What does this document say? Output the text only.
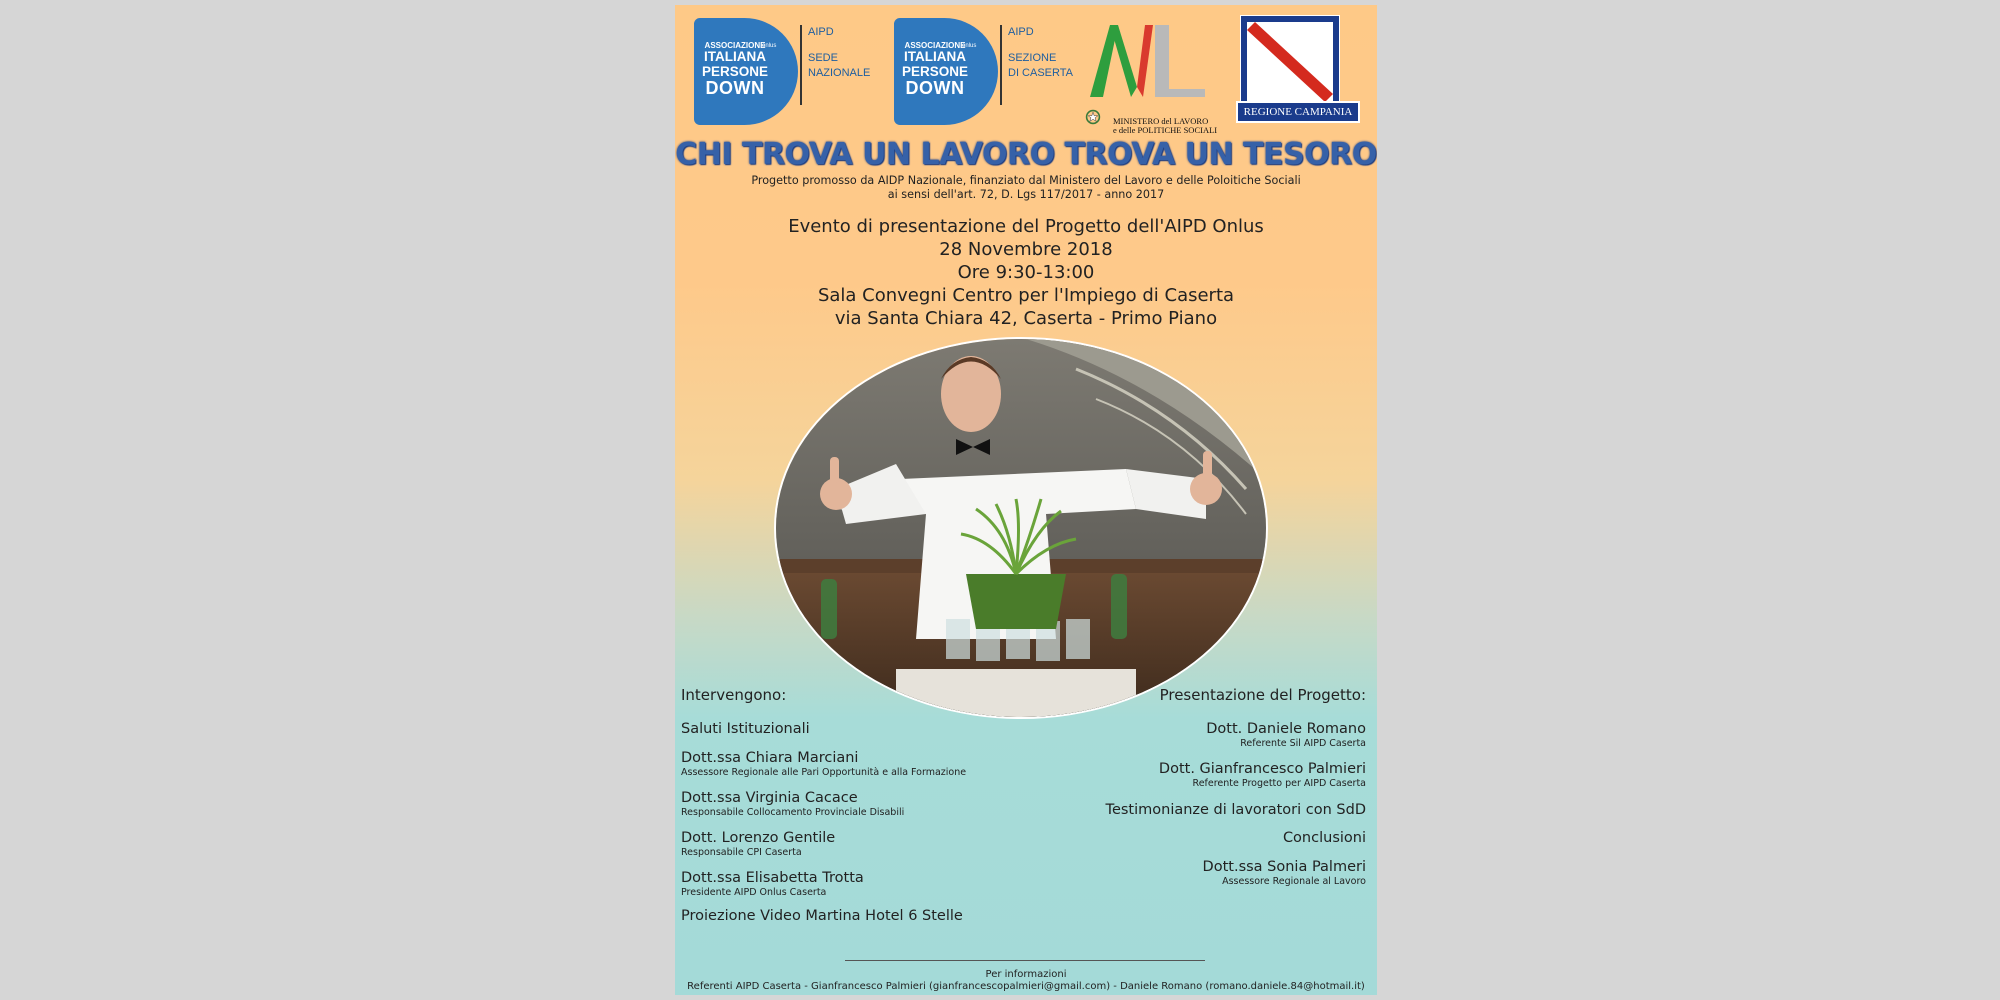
onlus
ASSOCIAZIONE
ITALIANA
PERSONE
DOWN
AIPD
SEDE
NAZIONALE
onlus
ASSOCIAZIONE
ITALIANA
PERSONE
DOWN
AIPD
SEZIONE
DI CASERTA
MINISTERO del LAVORO
e delle POLITICHE SOCIALI
REGIONE CAMPANIA
CHI TROVA UN LAVORO TROVA UN TESORO
Progetto promosso da AIDP Nazionale, finanziato dal Ministero del Lavoro e delle Poloitiche Sociali
ai sensi dell'art. 72, D. Lgs 117/2017 - anno 2017
Evento di presentazione del Progetto dell'AIPD Onlus
28 Novembre 2018
Ore 9:30-13:00
Sala Convegni Centro per l'Impiego di Caserta
via Santa Chiara 42, Caserta - Primo Piano
Intervengono:
Saluti Istituzionali
Dott.ssa Chiara Marciani
Assessore Regionale alle Pari Opportunità e alla Formazione
Dott.ssa Virginia Cacace
Responsabile Collocamento Provinciale Disabili
Dott. Lorenzo Gentile
Responsabile CPI Caserta
Dott.ssa Elisabetta Trotta
Presidente AIPD Onlus Caserta
Proiezione Video Martina Hotel 6 Stelle
Presentazione del Progetto:
Dott. Daniele Romano
Referente Sil AIPD Caserta
Dott. Gianfrancesco Palmieri
Referente Progetto per AIPD Caserta
Testimonianze di lavoratori con SdD
Conclusioni
Dott.ssa Sonia Palmeri
Assessore Regionale al Lavoro
Per informazioni
Referenti AIPD Caserta - Gianfrancesco Palmieri (gianfrancescopalmieri@gmail.com) - Daniele Romano (romano.daniele.84@hotmail.it)
